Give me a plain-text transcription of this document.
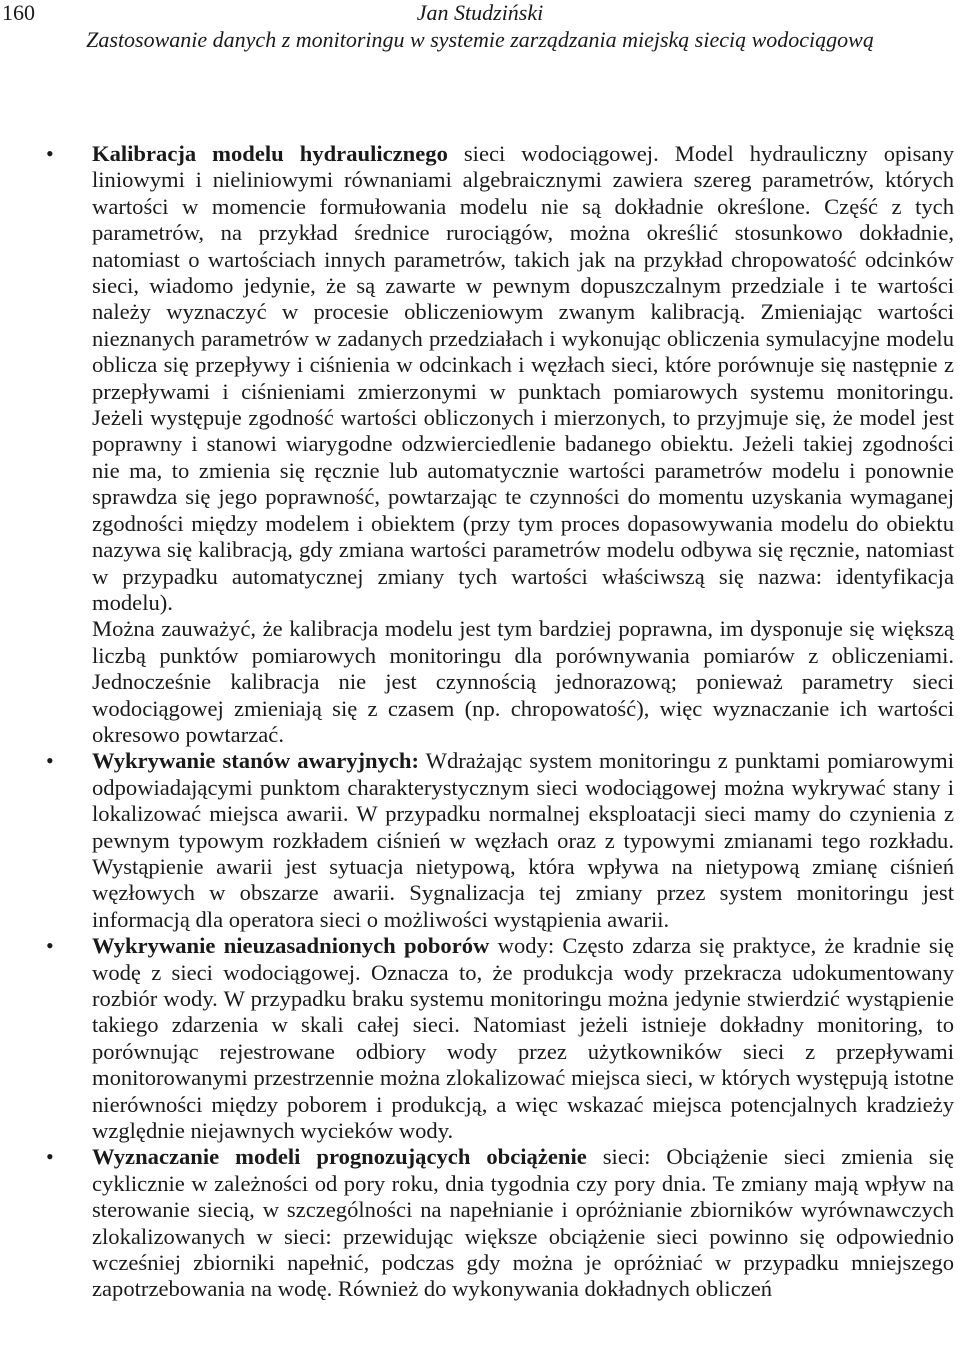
160	Jan Studziński
Zastosowanie danych z monitoringu w systemie zarządzania miejską siecią wodociągową
• Kalibracja modelu hydraulicznego sieci wodociągowej. Model hydrauliczny opisany liniowymi i nieliniowymi równaniami algebraicznymi zawiera szereg parametrów, których wartości w momencie formułowania modelu nie są dokładnie określone. Część z tych parametrów, na przykład średnice rurociągów, można określić stosunkowo dokładnie, natomiast o wartościach innych parametrów, takich jak na przykład chropowatość odcinków sieci, wiadomo jedynie, że są zawarte w pewnym dopuszczalnym przedziale i te wartości należy wyznaczyć w procesie obliczeniowym zwanym kalibracją. Zmieniając wartości nieznanych parametrów w zadanych przedziałach i wykonując obliczenia symulacyjne modelu oblicza się przepływy i ciśnienia w odcinkach i węzłach sieci, które porównuje się następnie z przepływami i ciśnieniami zmierzonymi w punktach pomiarowych systemu monitoringu. Jeżeli występuje zgodność wartości obliczonych i mierzonych, to przyjmuje się, że model jest poprawny i stanowi wiarygodne odzwierciedlenie badanego obiektu. Jeżeli takiej zgodności nie ma, to zmienia się ręcznie lub automatycznie wartości parametrów modelu i ponownie sprawdza się jego poprawność, powtarzając te czynności do momentu uzyskania wymaganej zgodności między modelem i obiektem (przy tym proces dopasowywania modelu do obiektu nazywa się kalibracją, gdy zmiana wartości parametrów modelu odbywa się ręcznie, natomiast w przypadku automatycznej zmiany tych wartości właściwszą się nazwa: identyfikacja modelu).

Można zauważyć, że kalibracja modelu jest tym bardziej poprawna, im dysponuje się większą liczbą punktów pomiarowych monitoringu dla porównywania pomiarów z obliczeniami. Jednocześnie kalibracja nie jest czynnością jednorazową; ponieważ parametry sieci wodociągowej zmieniają się z czasem (np. chropowatość), więc wyznaczanie ich wartości okresowo powtarzać.

• Wykrywanie stanów awaryjnych: Wdrażając system monitoringu z punktami pomiarowymi odpowiadającymi punktom charakterystycznym sieci wodociągowej można wykrywać stany i lokalizować miejsca awarii. W przypadku normalnej eksploatacji sieci mamy do czynienia z pewnym typowym rozkładem ciśnień w węzłach oraz z typowymi zmianami tego rozkładu. Wystąpienie awarii jest sytuacja nietypową, która wpływa na nietypową zmianę ciśnień węzłowych w obszarze awarii. Sygnalizacja tej zmiany przez system monitoringu jest informacją dla operatora sieci o możliwości wystąpienia awarii.

• Wykrywanie nieuzasadnionych poborów wody: Często zdarza się praktyce, że kradnie się wodę z sieci wodociągowej. Oznacza to, że produkcja wody przekracza udokumentowany rozbiór wody. W przypadku braku systemu monitoringu można jedynie stwierdzić wystąpienie takiego zdarzenia w skali całej sieci. Natomiast jeżeli istnieje dokładny monitoring, to porównując rejestrowane odbiory wody przez użytkowników sieci z przepływami monitorowanymi przestrzennie można zlokalizować miejsca sieci, w których występują istotne nierówności między poborem i produkcją, a więc wskazać miejsca potencjalnych kradzieży względnie niejawnych wycieków wody.

• Wyznaczanie modeli prognozujących obciążenie sieci: Obciążenie sieci zmienia się cyklicznie w zależności od pory roku, dnia tygodnia czy pory dnia. Te zmiany mają wpływ na sterowanie siecią, w szczególności na napełnianie i opróżnianie zbiorników wyrównawczych zlokalizowanych w sieci: przewidując większe obciążenie sieci powinno się odpowiednio wcześniej zbiorniki napełnić, podczas gdy można je opróżniać w przypadku mniejszego zapotrzebowania na wodę. Również do wykonywania dokładnych obliczeń
